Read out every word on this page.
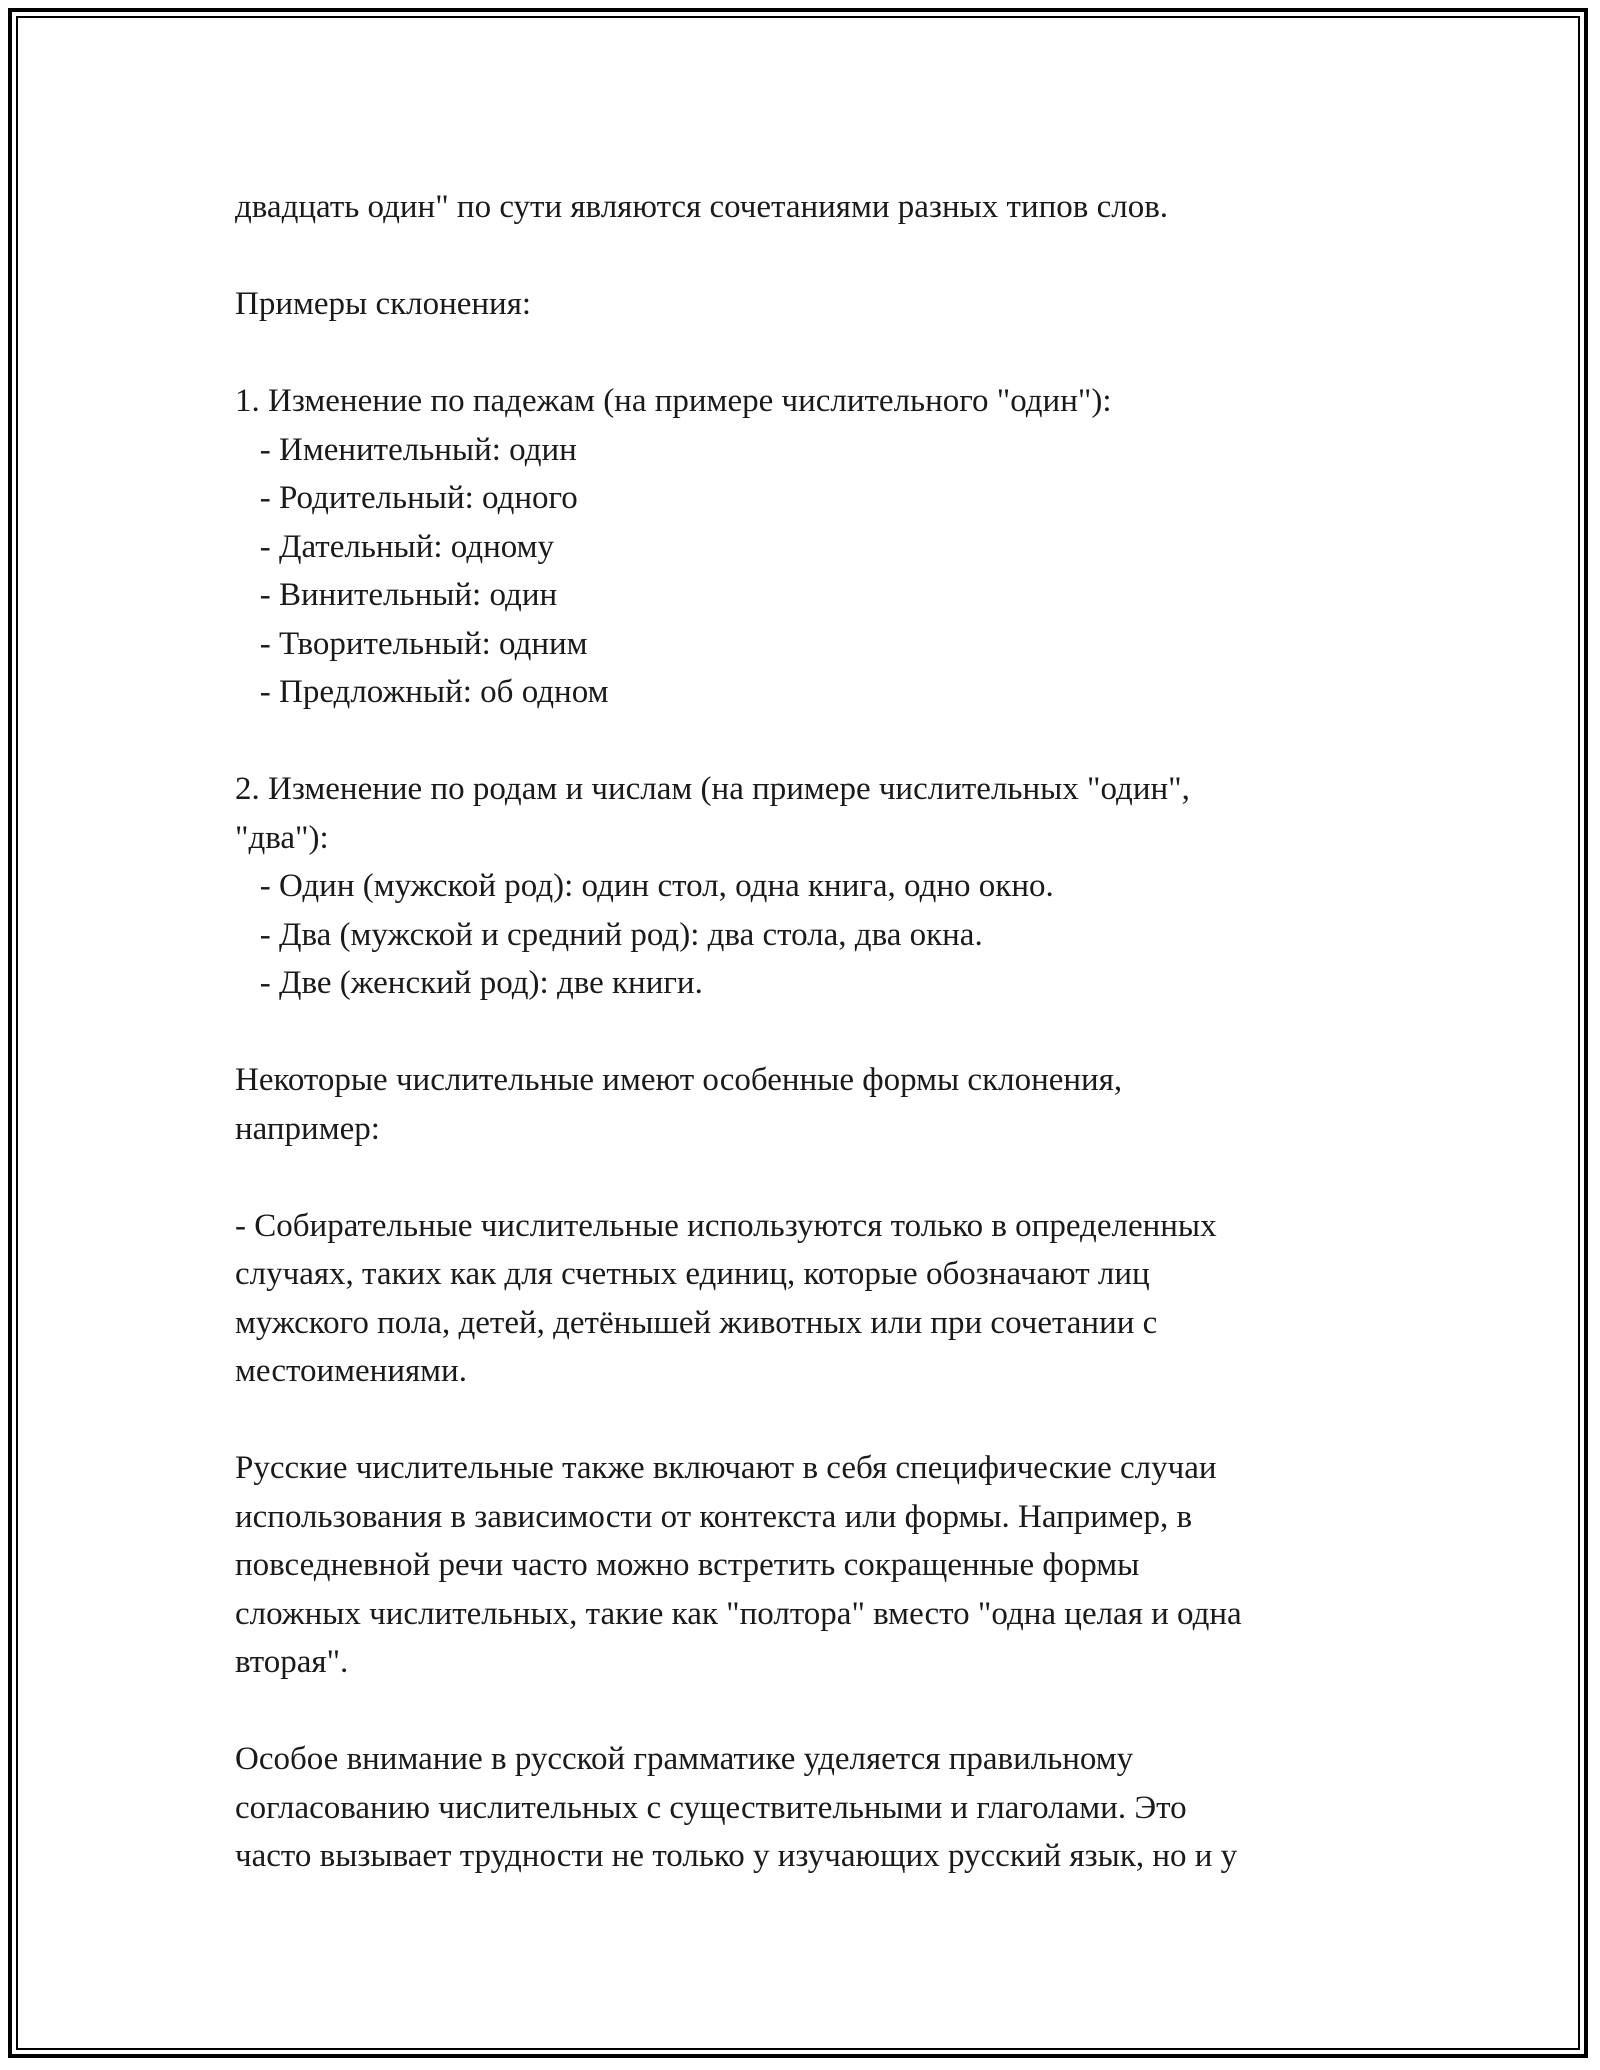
двадцать один" по сути являются сочетаниями разных типов слов.
Примеры склонения:
1. Изменение по падежам (на примере числительного "один"):
- Именительный: один
- Родительный: одного
- Дательный: одному
- Винительный: один
- Творительный: одним
- Предложный: об одном
2. Изменение по родам и числам (на примере числительных "один",
"два"):
- Один (мужской род): один стол, одна книга, одно окно.
- Два (мужской и средний род): два стола, два окна.
- Две (женский род): две книги.
Некоторые числительные имеют особенные формы склонения,
например:
- Собирательные числительные используются только в определенных
случаях, таких как для счетных единиц, которые обозначают лиц
мужского пола, детей, детёнышей животных или при сочетании с
местоимениями.
Русские числительные также включают в себя специфические случаи
использования в зависимости от контекста или формы. Например, в
повседневной речи часто можно встретить сокращенные формы
сложных числительных, такие как "полтора" вместо "одна целая и одна
вторая".
Особое внимание в русской грамматике уделяется правильному
согласованию числительных с существительными и глаголами. Это
часто вызывает трудности не только у изучающих русский язык, но и у
